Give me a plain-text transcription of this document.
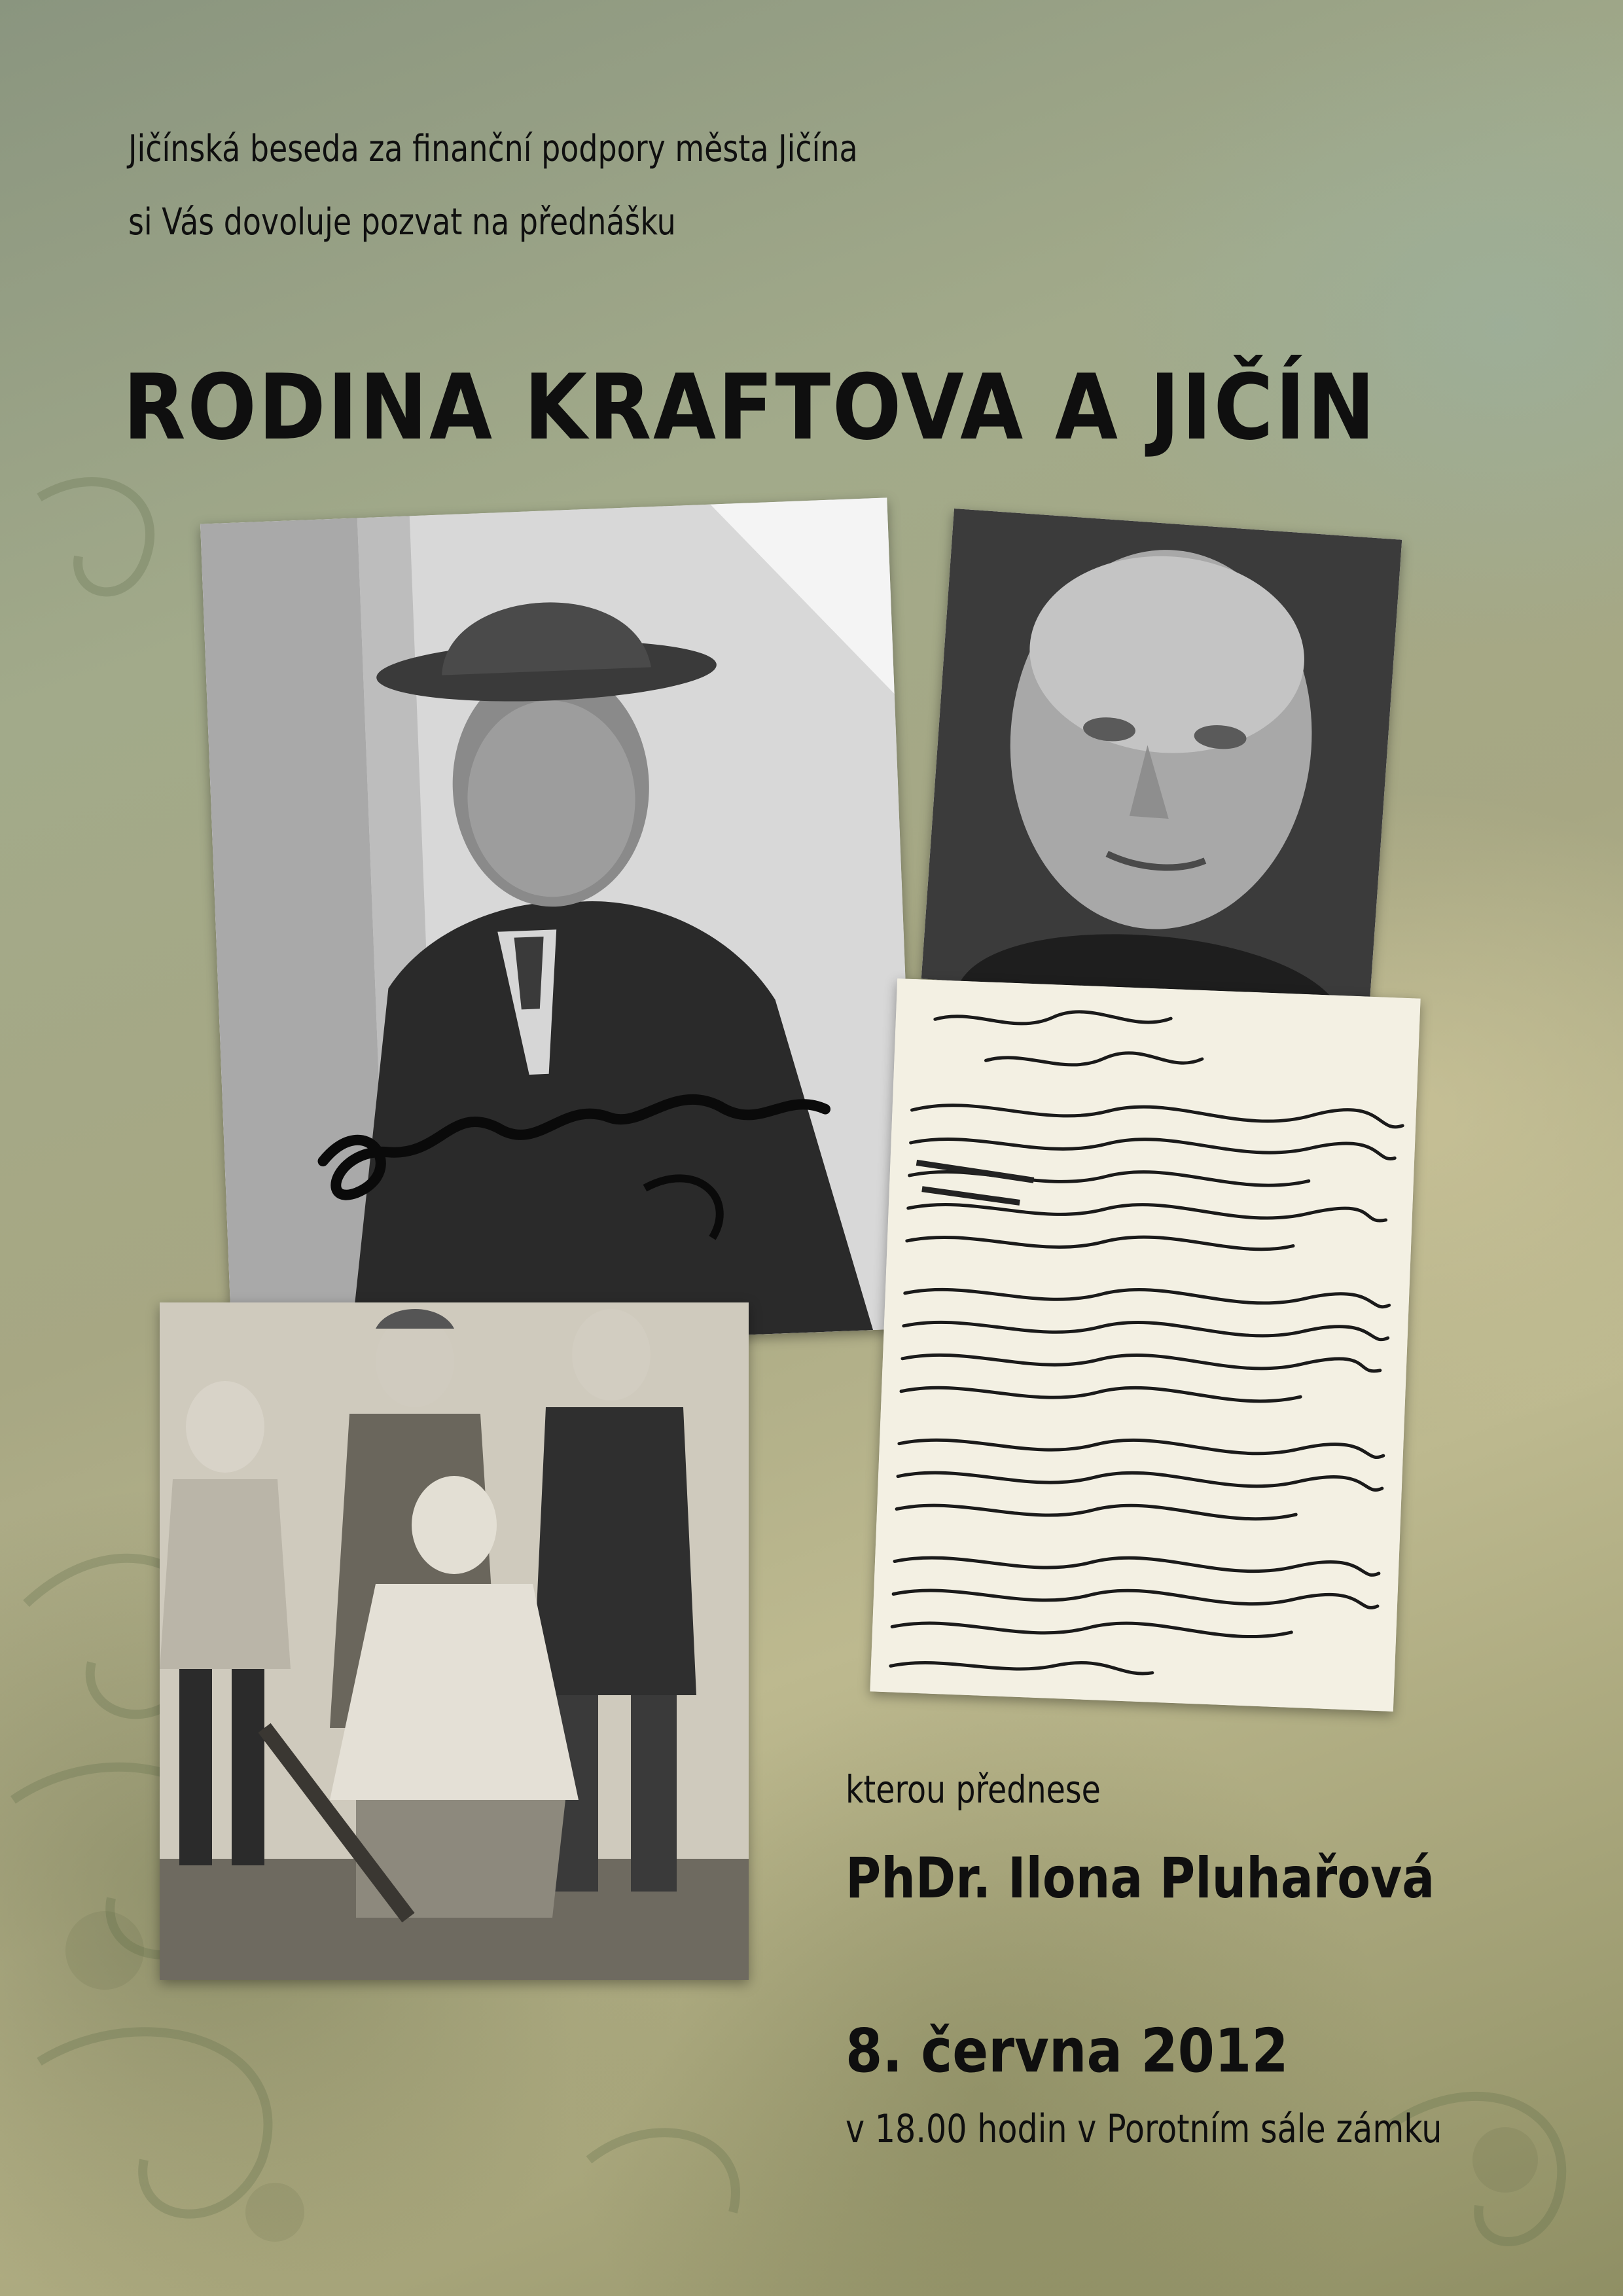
Jičínská beseda za finanční podpory města Jičína

si Vás dovoluje pozvat na přednášku

RODINA KRAFTOVA A JIČÍN

kterou přednese

PhDr. Ilona Pluhařová

8. června 2012

v 18.00 hodin v Porotním sále zámku
